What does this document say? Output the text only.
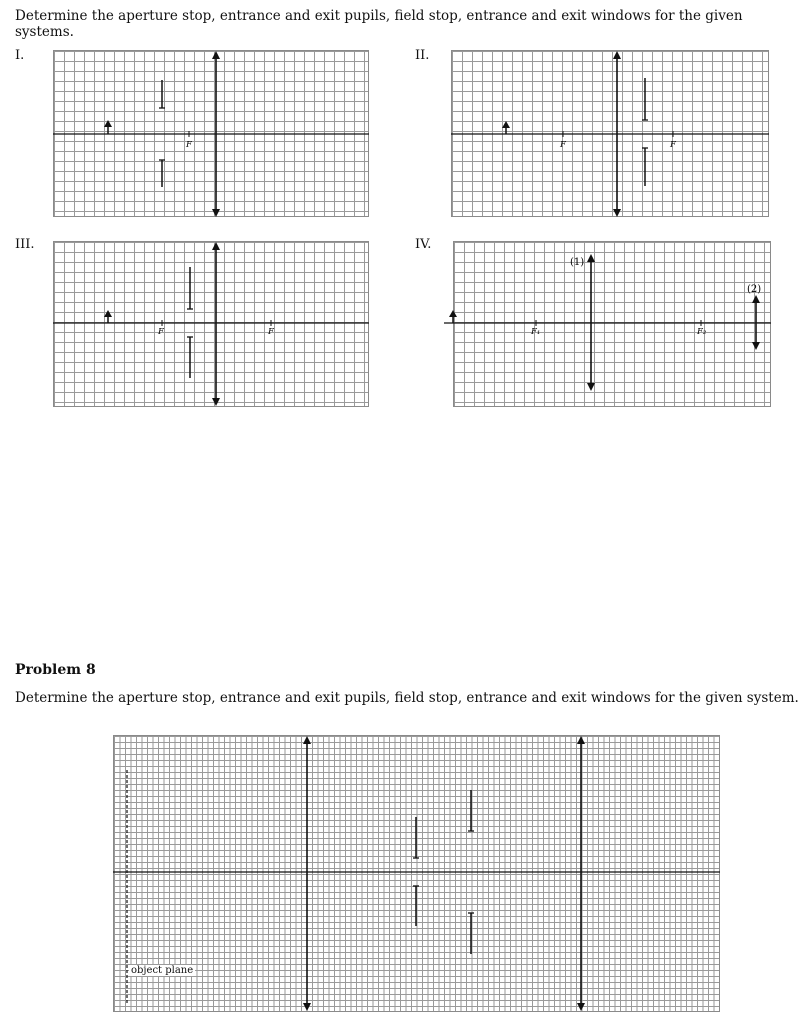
Determine the aperture stop, entrance and exit pupils, field stop, entrance and exit windows for the given systems.

I.

F

II.

F	F

III.

F	F

IV.

(1)
(2)
F₁	F₂

Problem 8

Determine the aperture stop, entrance and exit pupils, field stop, entrance and exit windows for the given system.

object plane
